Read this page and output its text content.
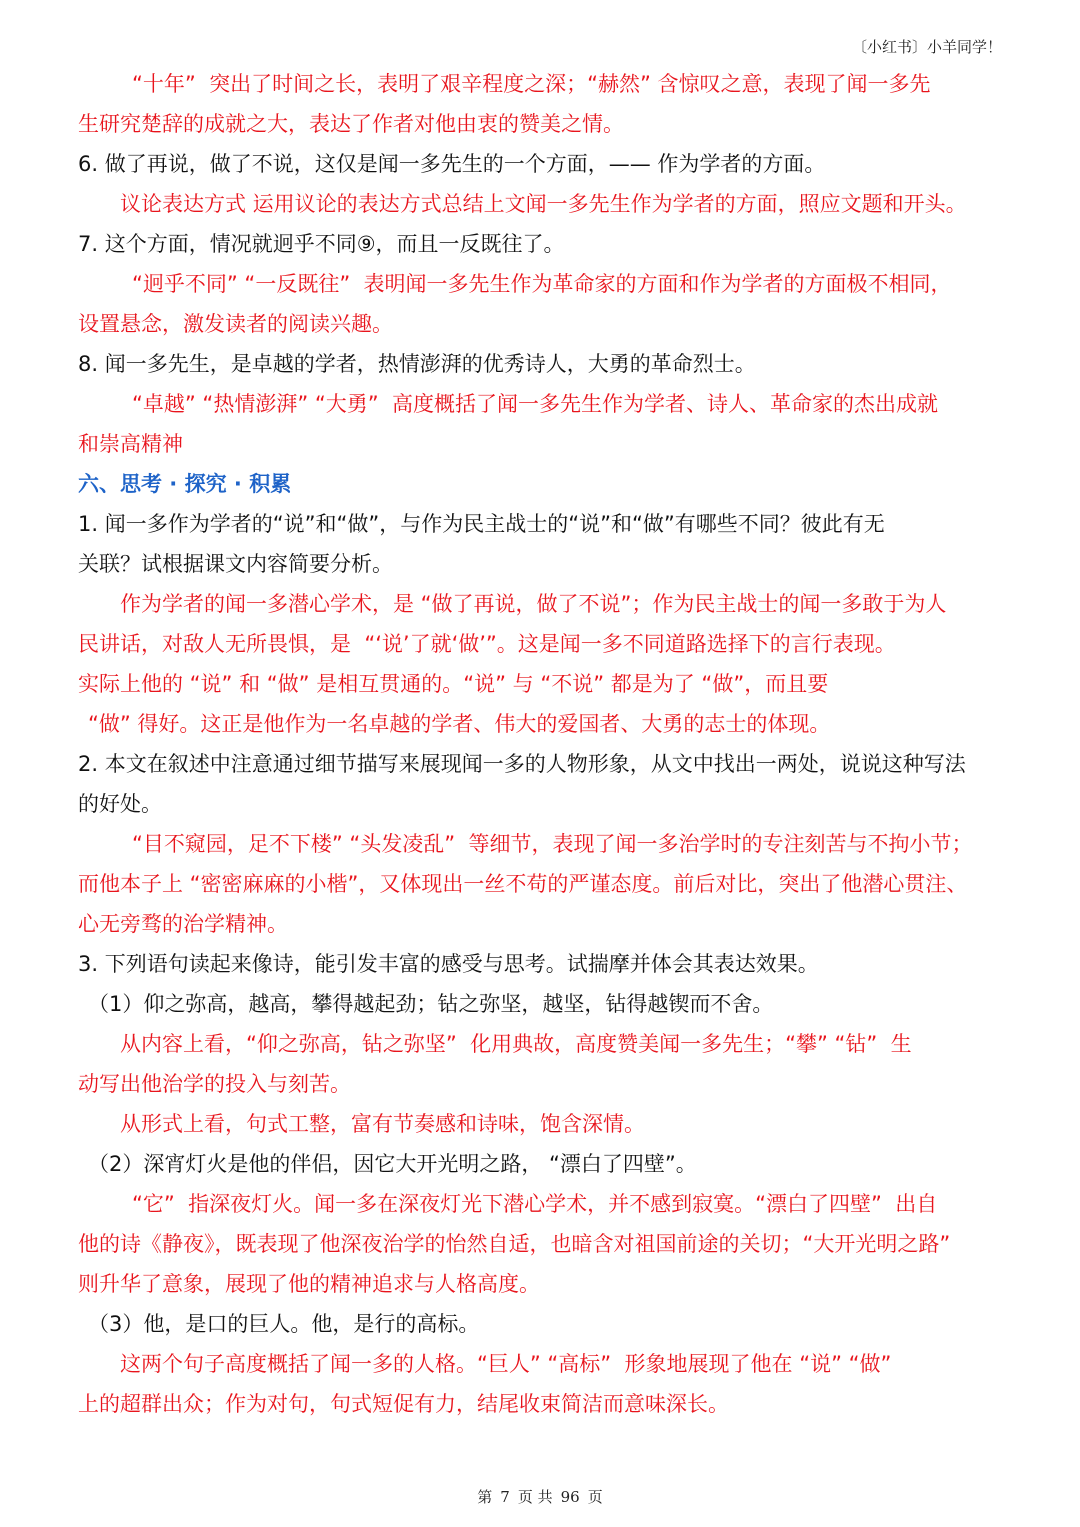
〔小红书〕小羊同学！

“十年”  突出了时间之长，表明了艰辛程度之深；“赫然” 含惊叹之意，表现了闻一多先

生研究楚辞的成就之大，表达了作者对他由衷的赞美之情。

6. 做了再说，做了不说，这仅是闻一多先生的一个方面，—— 作为学者的方面。

议论表达方式 运用议论的表达方式总结上文闻一多先生作为学者的方面，照应文题和开头。

7. 这个方面，情况就迥乎不同⑨，而且一反既往了。

“迥乎不同” “一反既往”  表明闻一多先生作为革命家的方面和作为学者的方面极不相同，

设置悬念，激发读者的阅读兴趣。

8. 闻一多先生，是卓越的学者，热情澎湃的优秀诗人，大勇的革命烈士。

“卓越” “热情澎湃” “大勇”  高度概括了闻一多先生作为学者、诗人、革命家的杰出成就

和崇高精神

六、思考 · 探究 · 积累

1. 闻一多作为学者的“说”和“做”，与作为民主战士的“说”和“做”有哪些不同？彼此有无

关联？试根据课文内容简要分析。

作为学者的闻一多潜心学术，是 “做了再说，做了不说”；作为民主战士的闻一多敢于为人

民讲话，对敌人无所畏惧，是  “‘说’了就‘做’”。这是闻一多不同道路选择下的言行表现。

实际上他的 “说” 和 “做” 是相互贯通的。“说” 与 “不说” 都是为了 “做”，而且要

“做” 得好。这正是他作为一名卓越的学者、伟大的爱国者、大勇的志士的体现。

2. 本文在叙述中注意通过细节描写来展现闻一多的人物形象，从文中找出一两处，说说这种写法

的好处。

“目不窥园，足不下楼” “头发凌乱”  等细节，表现了闻一多治学时的专注刻苦与不拘小节；

而他本子上 “密密麻麻的小楷”，又体现出一丝不苟的严谨态度。前后对比，突出了他潜心贯注、

心无旁骛的治学精神。

3. 下列语句读起来像诗，能引发丰富的感受与思考。试揣摩并体会其表达效果。

（1）仰之弥高，越高，攀得越起劲；钻之弥坚，越坚，钻得越锲而不舍。

从内容上看，“仰之弥高，钻之弥坚”  化用典故，高度赞美闻一多先生；“攀” “钻”  生

动写出他治学的投入与刻苦。

从形式上看，句式工整，富有节奏感和诗味，饱含深情。

（2）深宵灯火是他的伴侣，因它大开光明之路， “漂白了四壁”。

“它”  指深夜灯火。闻一多在深夜灯光下潜心学术，并不感到寂寞。“漂白了四壁”  出自

他的诗《静夜》，既表现了他深夜治学的怡然自适，也暗含对祖国前途的关切；“大开光明之路”

则升华了意象，展现了他的精神追求与人格高度。

（3）他，是口的巨人。他，是行的高标。

这两个句子高度概括了闻一多的人格。“巨人” “高标”  形象地展现了他在 “说” “做”

上的超群出众；作为对句，句式短促有力，结尾收束简洁而意味深长。

第 7 页 共 96 页
